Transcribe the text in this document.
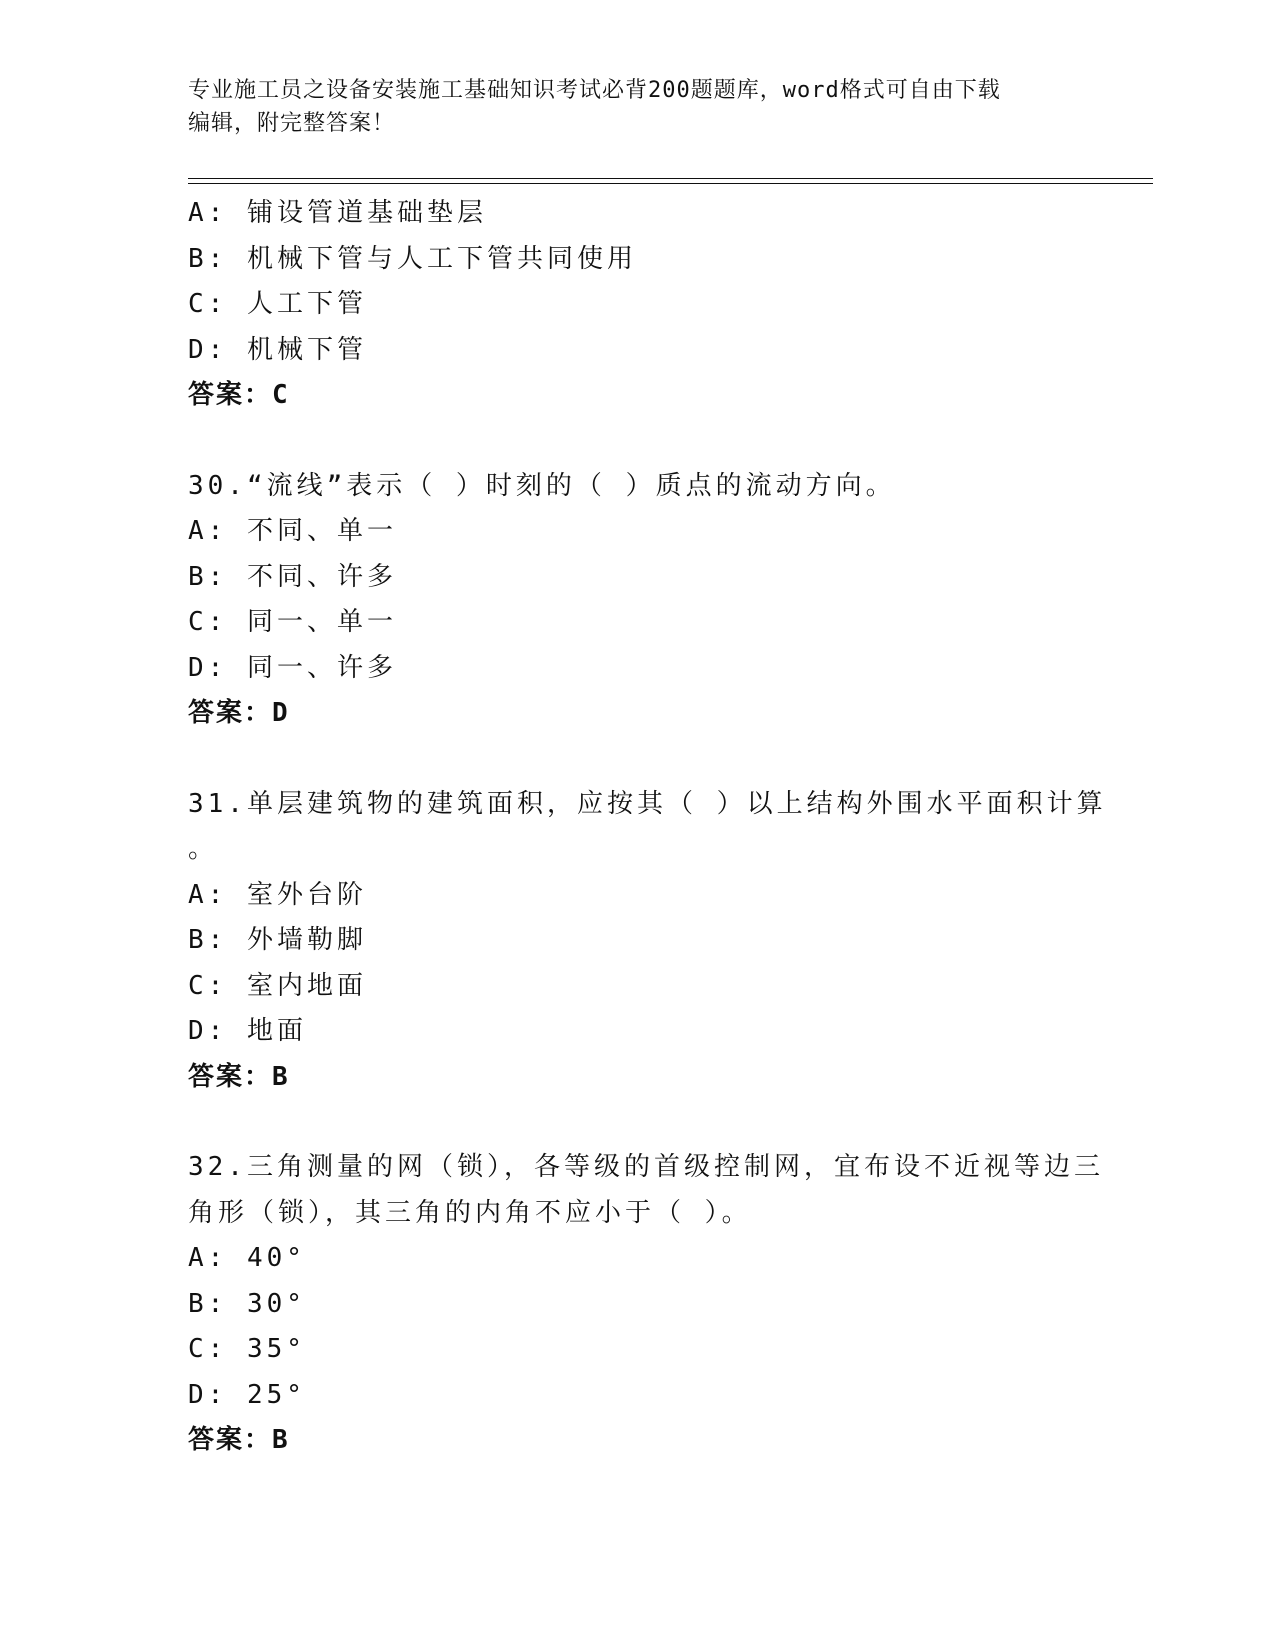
专业施工员之设备安装施工基础知识考试必背200题题库，word格式可自由下载
编辑，附完整答案！
A: 铺设管道基础垫层
B: 机械下管与人工下管共同使用
C: 人工下管
D: 机械下管
答案：C
30.“流线”表示（ ）时刻的（ ）质点的流动方向。
A: 不同、单一
B: 不同、许多
C: 同一、单一
D: 同一、许多
答案：D
31.单层建筑物的建筑面积，应按其（ ）以上结构外围水平面积计算
。
A: 室外台阶
B: 外墙勒脚
C: 室内地面
D: 地面
答案：B
32.三角测量的网（锁），各等级的首级控制网，宜布设不近视等边三
角形（锁），其三角的内角不应小于（ ）。
A: 40°
B: 30°
C: 35°
D: 25°
答案：B
